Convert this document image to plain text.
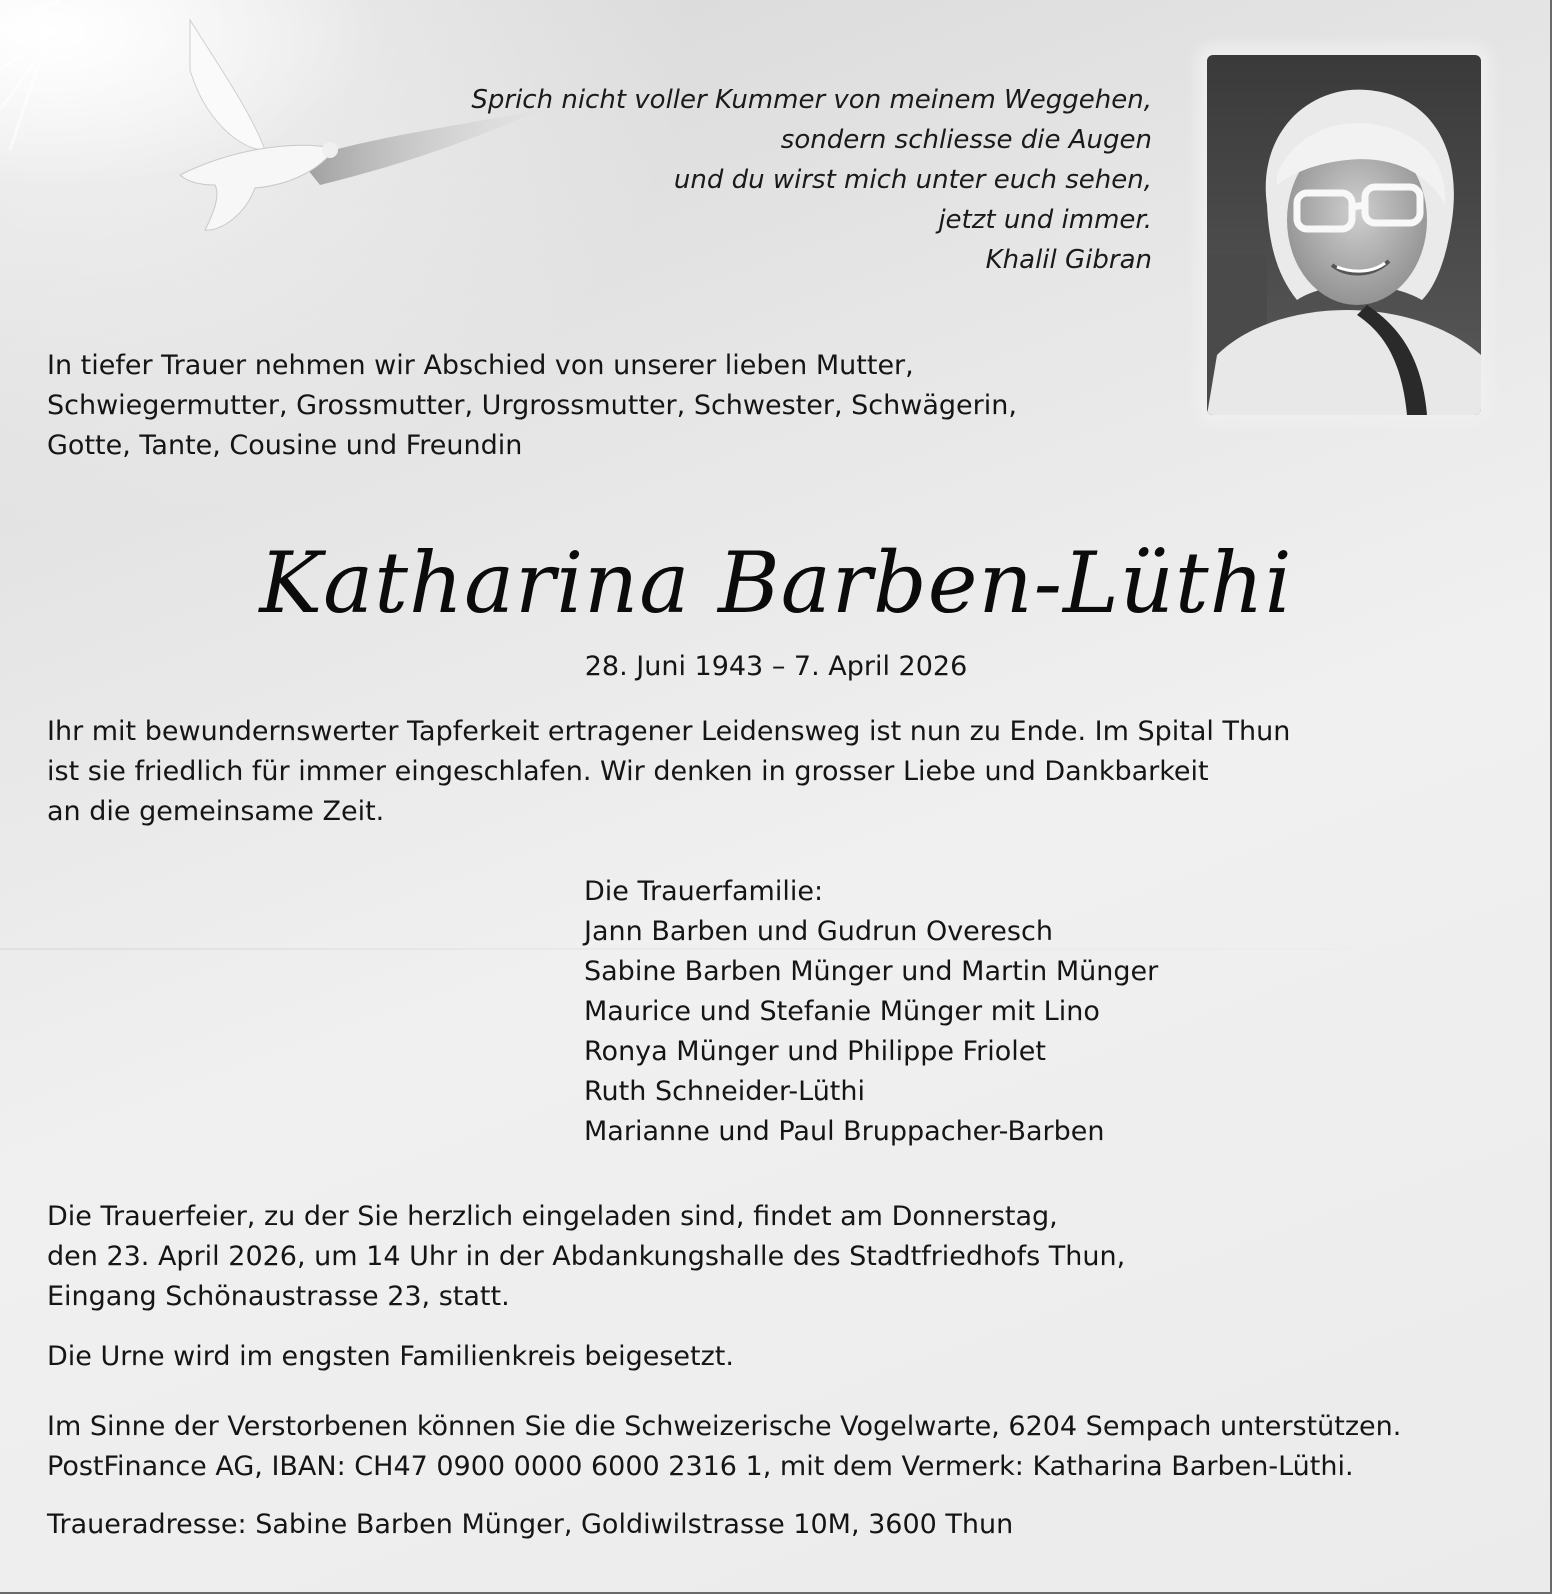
Sprich nicht voller Kummer von meinem Weggehen,
sondern schliesse die Augen
und du wirst mich unter euch sehen,
jetzt und immer.
Khalil Gibran
In tiefer Trauer nehmen wir Abschied von unserer lieben Mutter,
Schwiegermutter, Grossmutter, Urgrossmutter, Schwester, Schwägerin,
Gotte, Tante, Cousine und Freundin
Katharina Barben-Lüthi
28. Juni 1943 – 7. April 2026
Ihr mit bewundernswerter Tapferkeit ertragener Leidensweg ist nun zu Ende. Im Spital Thun
ist sie friedlich für immer eingeschlafen. Wir denken in grosser Liebe und Dankbarkeit
an die gemeinsame Zeit.
Die Trauerfamilie:
Jann Barben und Gudrun Overesch
Sabine Barben Münger und Martin Münger
Maurice und Stefanie Münger mit Lino
Ronya Münger und Philippe Friolet
Ruth Schneider-Lüthi
Marianne und Paul Bruppacher-Barben
Die Trauerfeier, zu der Sie herzlich eingeladen sind, findet am Donnerstag,
den 23. April 2026, um 14 Uhr in der Abdankungshalle des Stadtfriedhofs Thun,
Eingang Schönaustrasse 23, statt.
Die Urne wird im engsten Familienkreis beigesetzt.
Im Sinne der Verstorbenen können Sie die Schweizerische Vogelwarte, 6204 Sempach unterstützen.
PostFinance AG, IBAN: CH47 0900 0000 6000 2316 1, mit dem Vermerk: Katharina Barben-Lüthi.
Traueradresse: Sabine Barben Münger, Goldiwilstrasse 10M, 3600 Thun
